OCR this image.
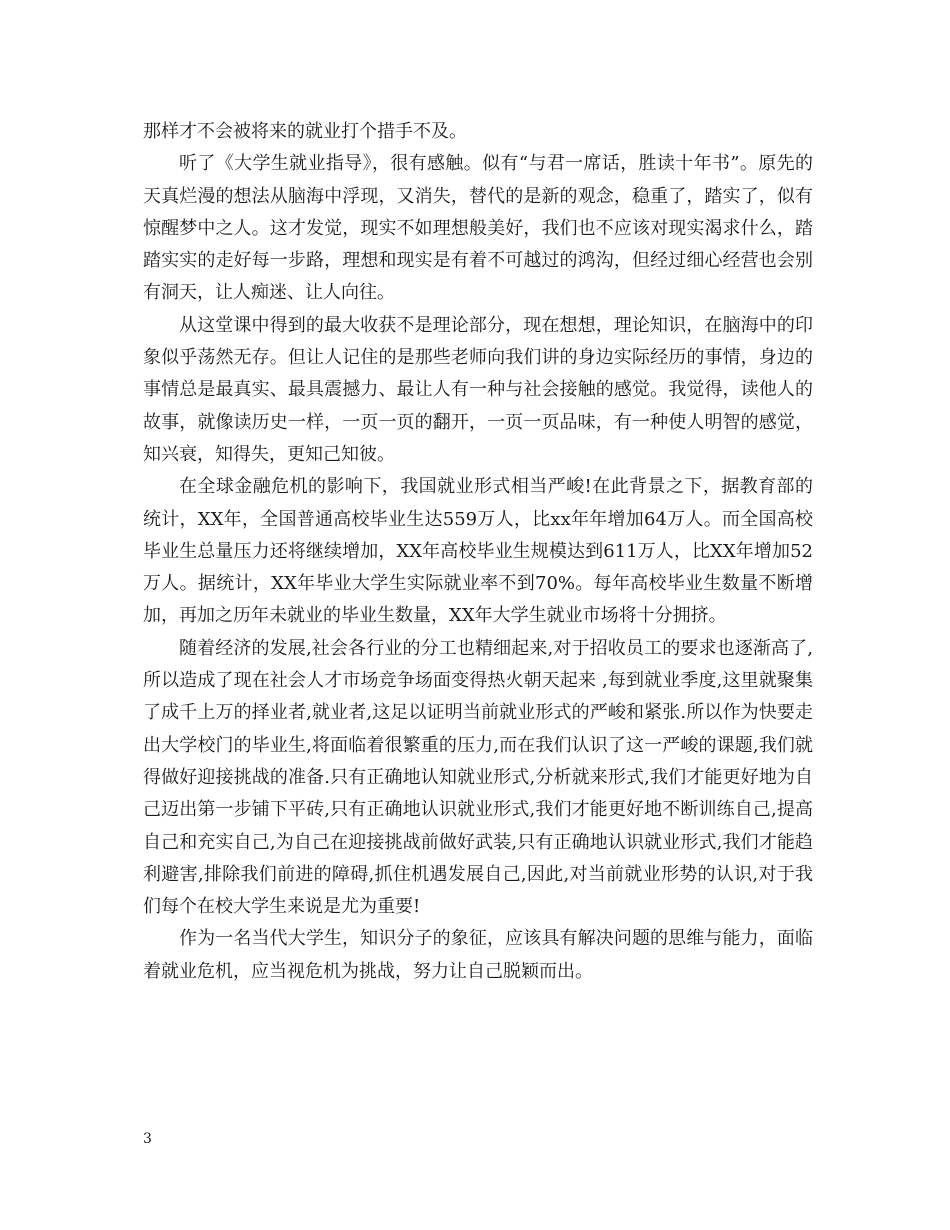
那样才不会被将来的就业打个措手不及。

听了《大学生就业指导》，很有感触。似有“与君一席话，胜读十年书”。原先的天真烂漫的想法从脑海中浮现，又消失，替代的是新的观念，稳重了，踏实了，似有惊醒梦中之人。这才发觉，现实不如理想般美好，我们也不应该对现实渴求什么，踏踏实实的走好每一步路，理想和现实是有着不可越过的鸿沟，但经过细心经营也会别有洞天，让人痴迷、让人向往。

从这堂课中得到的最大收获不是理论部分，现在想想，理论知识，在脑海中的印象似乎荡然无存。但让人记住的是那些老师向我们讲的身边实际经历的事情，身边的事情总是最真实、最具震撼力、最让人有一种与社会接触的感觉。我觉得，读他人的故事，就像读历史一样，一页一页的翻开，一页一页品味，有一种使人明智的感觉，知兴衰，知得失，更知己知彼。

在全球金融危机的影响下，我国就业形式相当严峻!在此背景之下，据教育部的统计，XX年，全国普通高校毕业生达559万人，比xx年年增加64万人。而全国高校毕业生总量压力还将继续增加，XX年高校毕业生规模达到611万人，比XX年增加52万人。据统计，XX年毕业大学生实际就业率不到70%。每年高校毕业生数量不断增加，再加之历年未就业的毕业生数量，XX年大学生就业市场将十分拥挤。

随着经济的发展,社会各行业的分工也精细起来,对于招收员工的要求也逐渐高了,所以造成了现在社会人才市场竞争场面变得热火朝天起来 ,每到就业季度,这里就聚集了成千上万的择业者,就业者,这足以证明当前就业形式的严峻和紧张.所以作为快要走出大学校门的毕业生,将面临着很繁重的压力,而在我们认识了这一严峻的课题,我们就得做好迎接挑战的准备.只有正确地认知就业形式,分析就来形式,我们才能更好地为自己迈出第一步铺下平砖,只有正确地认识就业形式,我们才能更好地不断训练自己,提高自己和充实自己,为自己在迎接挑战前做好武装,只有正确地认识就业形式,我们才能趋利避害,排除我们前进的障碍,抓住机遇发展自己,因此,对当前就业形势的认识,对于我们每个在校大学生来说是尤为重要!

作为一名当代大学生，知识分子的象征，应该具有解决问题的思维与能力，面临着就业危机，应当视危机为挑战，努力让自己脱颖而出。

3
